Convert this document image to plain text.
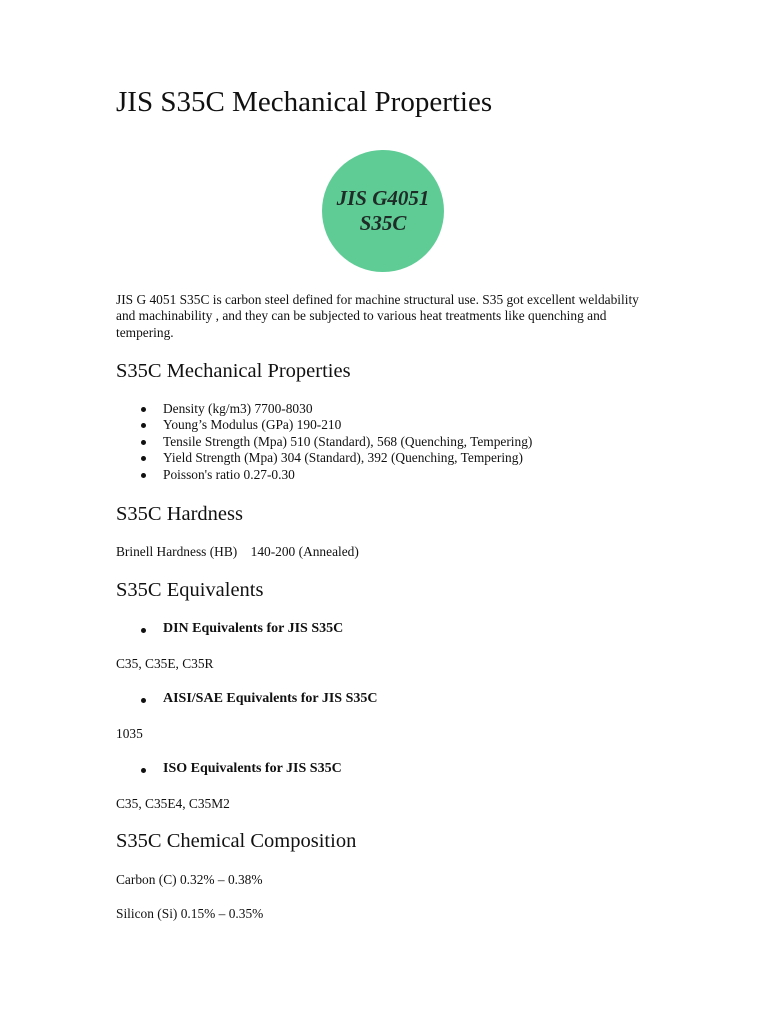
JIS S35C Mechanical Properties
JIS G4051
S35C

JIS G 4051 S35C is carbon steel defined for machine structural use. S35 got excellent weldability and machinability , and they can be subjected to various heat treatments like quenching and tempering.

S35C Mechanical Properties
Density (kg/m3) 7700-8030
Young’s Modulus (GPa) 190-210
Tensile Strength (Mpa) 510 (Standard), 568 (Quenching, Tempering)
Yield Strength (Mpa) 304 (Standard), 392 (Quenching, Tempering)
Poisson's ratio 0.27-0.30
S35C Hardness

Brinell Hardness (HB)    140-200 (Annealed)

S35C Equivalents

DIN Equivalents for JIS S35C

C35, C35E, C35R

AISI/SAE Equivalents for JIS S35C

1035

ISO Equivalents for JIS S35C

C35, C35E4, C35M2

S35C Chemical Composition

Carbon (C) 0.32% – 0.38%

Silicon (Si) 0.15% – 0.35%
